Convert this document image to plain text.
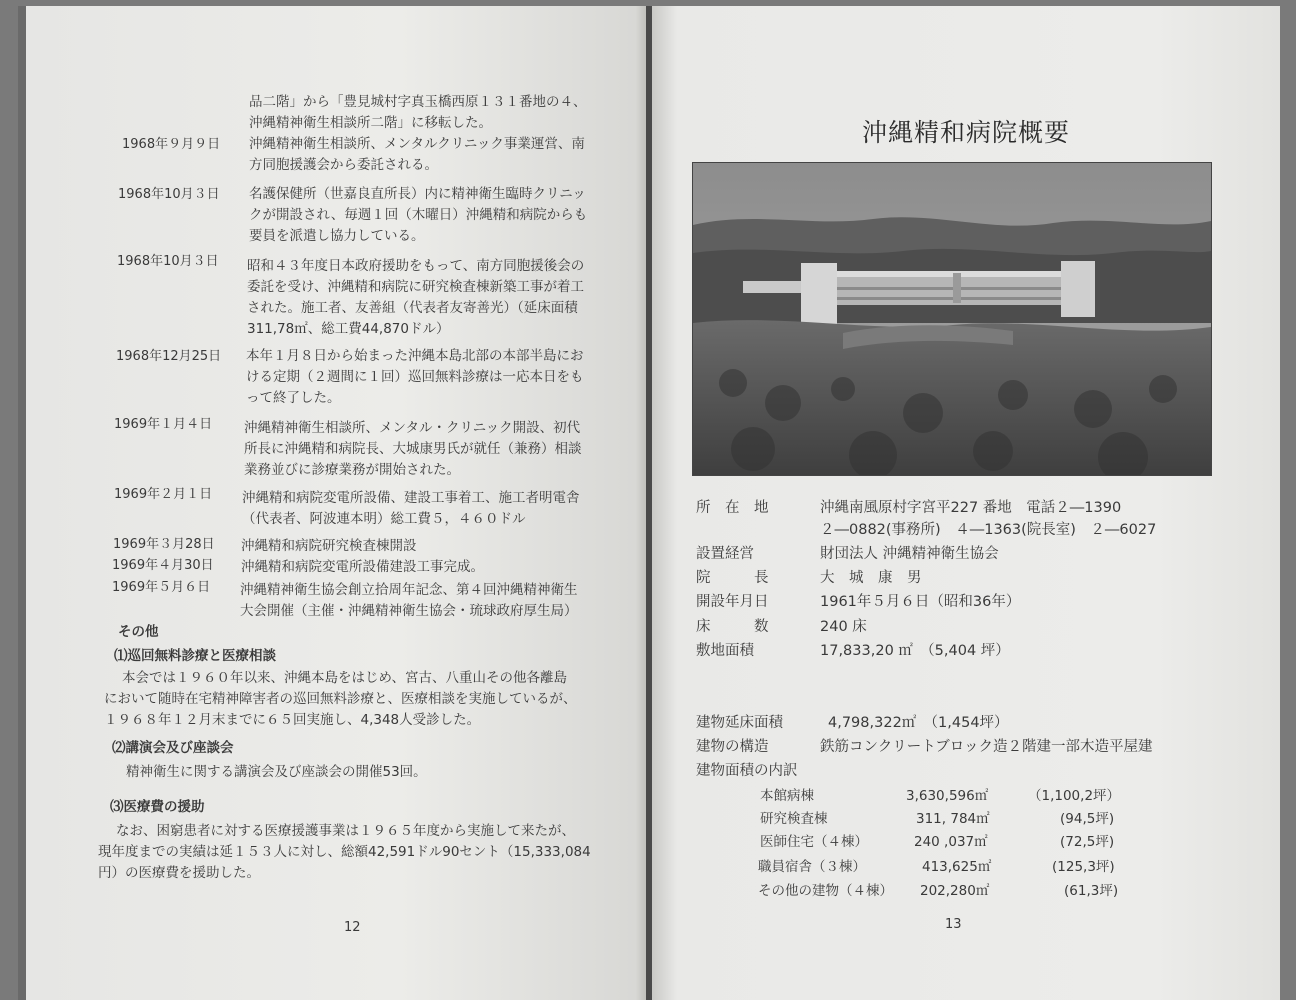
品二階」から「豊見城村字真玉橋西原１３１番地の４、
沖縄精神衛生相談所二階」に移転した。
1968年９月９日	沖縄精神衛生相談所、メンタルクリニック事業運営、南
方同胞援護会から委託される。
1968年10月３日	名護保健所（世嘉良直所長）内に精神衛生臨時クリニッ
クが開設され、毎週１回（木曜日）沖縄精和病院からも
要員を派遣し協力している。
1968年10月３日	昭和４３年度日本政府援助をもって、南方同胞援後会の
委託を受け、沖縄精和病院に研究検査棟新築工事が着工
された。施工者、友善組（代表者友寄善光）（延床面積
311,78㎡、総工費44,870ドル）
1968年12月25日	本年１月８日から始まった沖縄本島北部の本部半島にお
ける定期（２週間に１回）巡回無料診療は一応本日をも
って終了した。
1969年１月４日	沖縄精神衛生相談所、メンタル・クリニック開設、初代
所長に沖縄精和病院長、大城康男氏が就任（兼務）相談
業務並びに診療業務が開始された。
1969年２月１日	沖縄精和病院変電所設備、建設工事着工、施工者明電舎
（代表者、阿波連本明）総工費５，４６０ドル
1969年３月28日	沖縄精和病院研究検査棟開設
1969年４月30日	沖縄精和病院変電所設備建設工事完成。
1969年５月６日	沖縄精神衛生協会創立拾周年記念、第４回沖縄精神衛生
大会開催（主催・沖縄精神衛生協会・琉球政府厚生局）
その他
⑴巡回無料診療と医療相談
本会では１９６０年以来、沖縄本島をはじめ、宮古、八重山その他各離島
において随時在宅精神障害者の巡回無料診療と、医療相談を実施しているが、
１９６８年１２月末までに６５回実施し、4,348人受診した。
⑵講演会及び座談会
精神衛生に関する講演会及び座談会の開催53回。
⑶医療費の援助
なお、困窮患者に対する医療援護事業は１９６５年度から実施して来たが、
現年度までの実績は延１５３人に対し、総額42,591ドル90セント（15,333,084
円）の医療費を援助した。
12
沖縄精和病院概要
所　在　地	沖縄南風原村字宮平227 番地　電話２―1390
２―0882(事務所)　４―1363(院長室)　２―6027
設置経営	財団法人 沖縄精神衛生協会
院　　　長	大　城　康　男
開設年月日	1961年５月６日（昭和36年）
床　　　数	240 床
敷地面積	17,833,20 ㎡　（5,404 坪）
建物延床面積	4,798,322㎡　（1,454坪）
建物の構造	鉄筋コンクリートブロック造２階建一部木造平屋建
建物面積の内訳
本館病棟	3,630,596㎡	（1,100,2坪）
研究検査棟	311, 784㎡	(94,5坪)
医師住宅（４棟）	240 ,037㎡	(72,5坪)
職員宿舎（３棟）	413,625㎡	(125,3坪)
その他の建物（４棟） 202,280㎡	(61,3坪)
13
